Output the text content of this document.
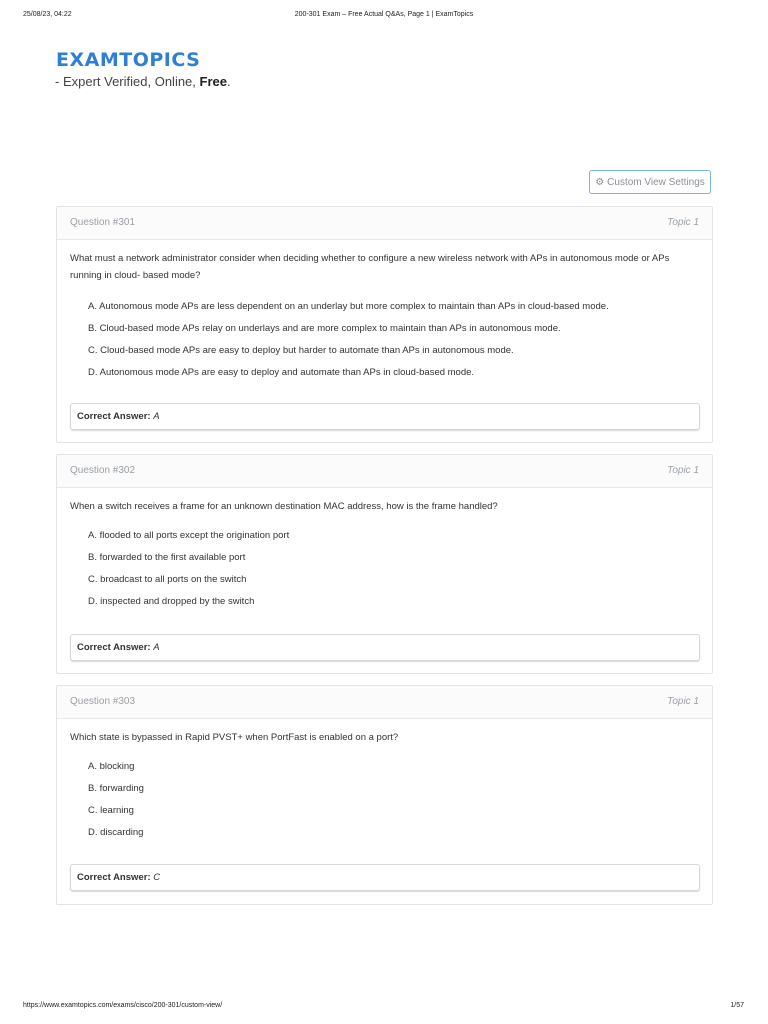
25/08/23, 04:22	200-301 Exam – Free Actual Q&As, Page 1 | ExamTopics
EXAMTOPICS
- Expert Verified, Online, Free.
⚙ Custom View Settings
Question #301	Topic 1

What must a network administrator consider when deciding whether to configure a new wireless network with APs in autonomous mode or APs running in cloud- based mode?

A. Autonomous mode APs are less dependent on an underlay but more complex to maintain than APs in cloud-based mode.
B. Cloud-based mode APs relay on underlays and are more complex to maintain than APs in autonomous mode.
C. Cloud-based mode APs are easy to deploy but harder to automate than APs in autonomous mode.
D. Autonomous mode APs are easy to deploy and automate than APs in cloud-based mode.
Correct Answer: A
Question #302	Topic 1

When a switch receives a frame for an unknown destination MAC address, how is the frame handled?

A. flooded to all ports except the origination port
B. forwarded to the first available port
C. broadcast to all ports on the switch
D. inspected and dropped by the switch
Correct Answer: A
Question #303	Topic 1

Which state is bypassed in Rapid PVST+ when PortFast is enabled on a port?

A. blocking
B. forwarding
C. learning
D. discarding
Correct Answer: C
https://www.examtopics.com/exams/cisco/200-301/custom-view/	1/57
